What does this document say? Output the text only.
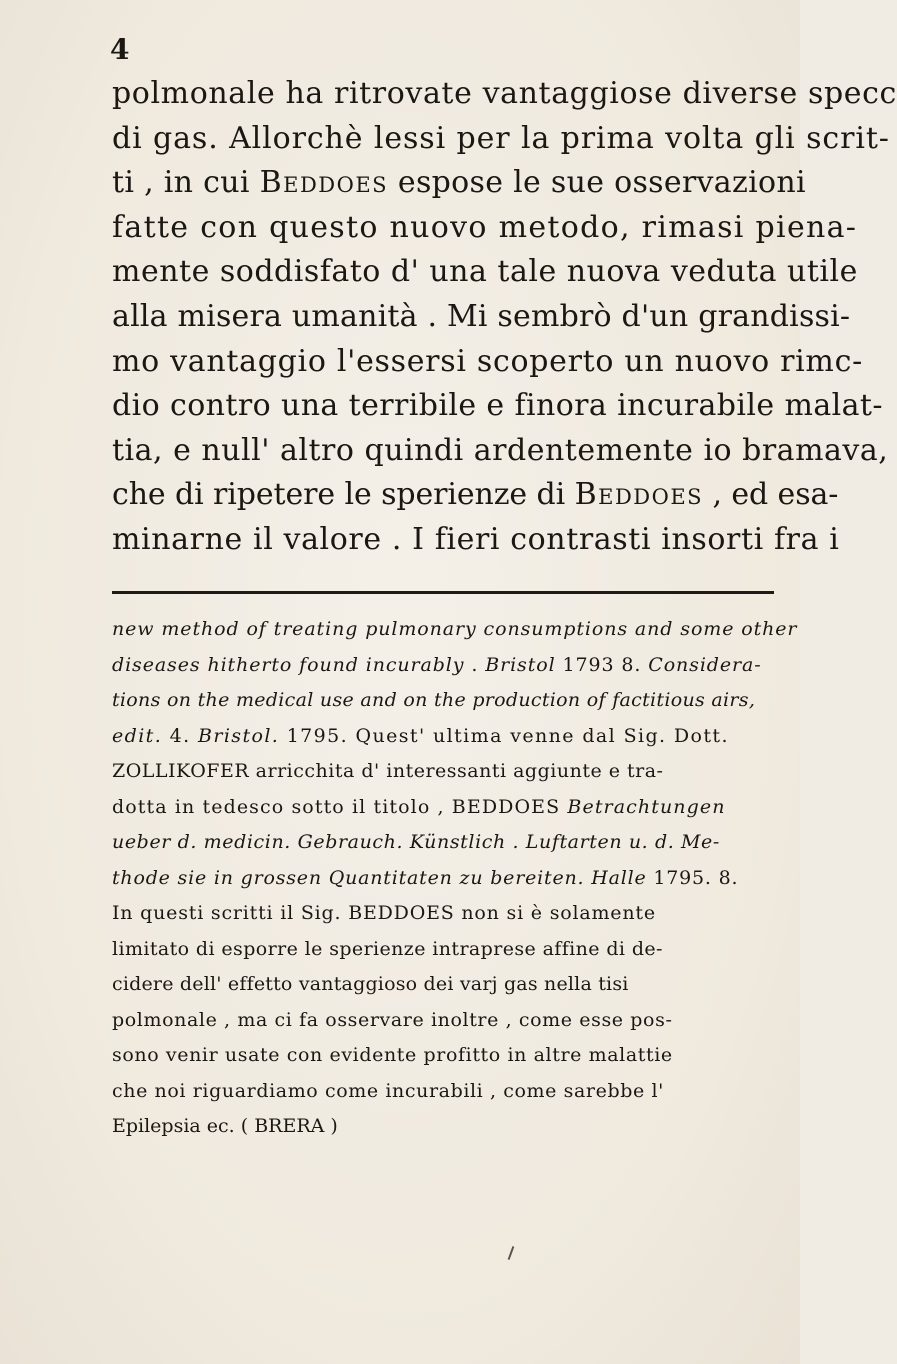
4
polmonale ha ritrovate vantaggiose diverse specc
di gas. Allorchè lessi per la prima volta gli scrit-
ti , in cui Beddoes espose le sue osservazioni
fatte con questo nuovo metodo, rimasi piena-
mente soddisfato d' una tale nuova veduta utile
alla misera umanità . Mi sembrò d'un grandissi-
mo vantaggio l'essersi scoperto un nuovo rimc-
dio contro una terribile e finora incurabile malat-
tia, e null' altro quindi ardentemente io bramava,
che di ripetere le sperienze di Beddoes , ed esa-
minarne il valore . I fieri contrasti insorti fra i
new method of treating pulmonary consumptions and some other
diseases hitherto found incurably . Bristol 1793 8. Considera-
tions on the medical use and on the production of factitious airs,
edit. 4. Bristol. 1795. Quest' ultima venne dal Sig. Dott.
ZOLLIKOFER arricchita d' interessanti aggiunte e tra-
dotta in tedesco sotto il titolo , BEDDOES Betrachtungen
ueber d. medicin. Gebrauch. Künstlich . Luftarten u. d. Me-
thode sie in grossen Quantitaten zu bereiten. Halle 1795. 8.
In questi scritti il Sig. BEDDOES non si è solamente
limitato di esporre le sperienze intraprese affine di de-
cidere dell' effetto vantaggioso dei varj gas nella tisi
polmonale , ma ci fa osservare inoltre , come esse pos-
sono venir usate con evidente profitto in altre malattie
che noi riguardiamo come incurabili , come sarebbe l'
Epilepsia ec. ( BRERA )
